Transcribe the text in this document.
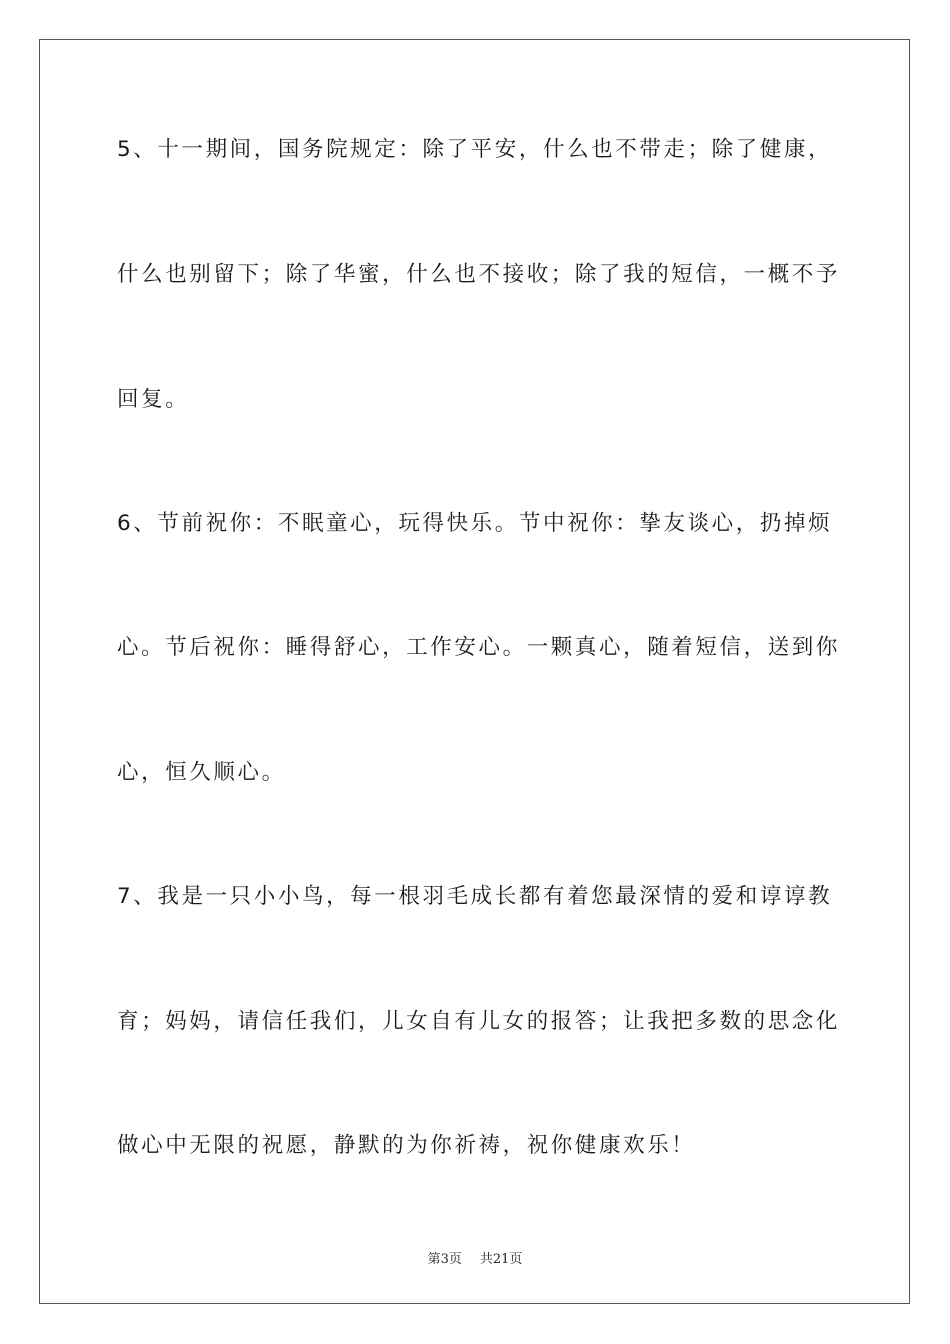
5、十一期间，国务院规定：除了平安，什么也不带走；除了健康，
什么也别留下；除了华蜜，什么也不接收；除了我的短信，一概不予
回复。
6、节前祝你：不眠童心，玩得快乐。节中祝你：挚友谈心，扔掉烦
心。节后祝你：睡得舒心，工作安心。一颗真心，随着短信，送到你
心，恒久顺心。
7、我是一只小小鸟，每一根羽毛成长都有着您最深情的爱和谆谆教
育；妈妈，请信任我们，儿女自有儿女的报答；让我把多数的思念化
做心中无限的祝愿，静默的为你祈祷，祝你健康欢乐！
第3页 共21页
